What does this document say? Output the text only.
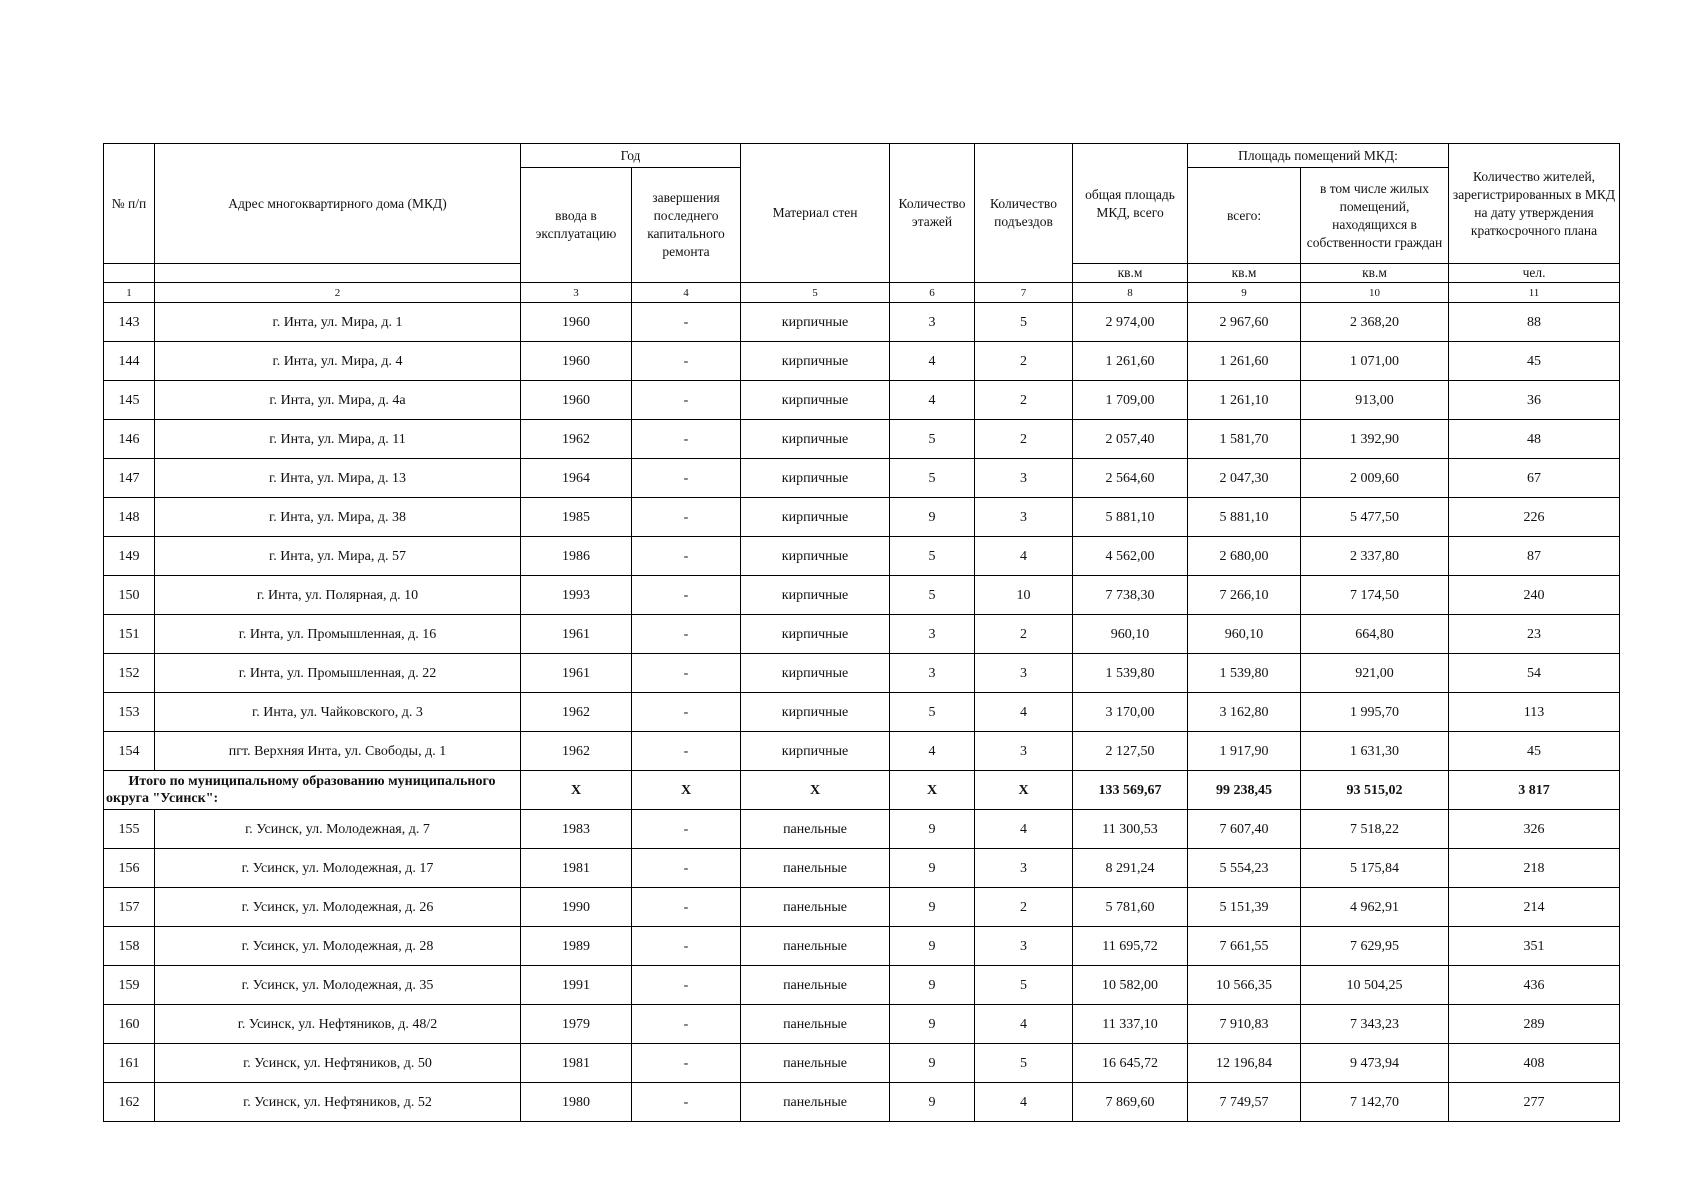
№ п/п	Адрес многоквартирного дома (МКД)	Год		Материал стен	Количество этажей	Количество подъездов	общая площадь МКД, всего	Площадь помещений МКД:		Количество жителей, зарегистрированных в МКД на дату утверждения краткосрочного плана
		ввода в эксплуатацию	завершения последнего капитального ремонта					всего:	в том числе жилых помещений, находящихся в собственности граждан	
							кв.м	кв.м	кв.м	чел.
1	2	3	4	5	6	7	8	9	10	11
143	г. Инта, ул. Мира, д. 1	1960	-	кирпичные	3	5	2 974,00	2 967,60	2 368,20	88
144	г. Инта, ул. Мира, д. 4	1960	-	кирпичные	4	2	1 261,60	1 261,60	1 071,00	45
145	г. Инта, ул. Мира, д. 4а	1960	-	кирпичные	4	2	1 709,00	1 261,10	913,00	36
146	г. Инта, ул. Мира, д. 11	1962	-	кирпичные	5	2	2 057,40	1 581,70	1 392,90	48
147	г. Инта, ул. Мира, д. 13	1964	-	кирпичные	5	3	2 564,60	2 047,30	2 009,60	67
148	г. Инта, ул. Мира, д. 38	1985	-	кирпичные	9	3	5 881,10	5 881,10	5 477,50	226
149	г. Инта, ул. Мира, д. 57	1986	-	кирпичные	5	4	4 562,00	2 680,00	2 337,80	87
150	г. Инта, ул. Полярная, д. 10	1993	-	кирпичные	5	10	7 738,30	7 266,10	7 174,50	240
151	г. Инта, ул. Промышленная, д. 16	1961	-	кирпичные	3	2	960,10	960,10	664,80	23
152	г. Инта, ул. Промышленная, д. 22	1961	-	кирпичные	3	3	1 539,80	1 539,80	921,00	54
153	г. Инта, ул. Чайковского, д. 3	1962	-	кирпичные	5	4	3 170,00	3 162,80	1 995,70	113
154	пгт. Верхняя Инта, ул. Свободы, д. 1	1962	-	кирпичные	4	3	2 127,50	1 917,90	1 631,30	45
Итого по муниципальному образованию муниципального округа "Усинск":		X	X	X	X	X	133 569,67	99 238,45	93 515,02	3 817
155	г. Усинск, ул. Молодежная, д. 7	1983	-	панельные	9	4	11 300,53	7 607,40	7 518,22	326
156	г. Усинск, ул. Молодежная, д. 17	1981	-	панельные	9	3	8 291,24	5 554,23	5 175,84	218
157	г. Усинск, ул. Молодежная, д. 26	1990	-	панельные	9	2	5 781,60	5 151,39	4 962,91	214
158	г. Усинск, ул. Молодежная, д. 28	1989	-	панельные	9	3	11 695,72	7 661,55	7 629,95	351
159	г. Усинск, ул. Молодежная, д. 35	1991	-	панельные	9	5	10 582,00	10 566,35	10 504,25	436
160	г. Усинск, ул. Нефтяников, д. 48/2	1979	-	панельные	9	4	11 337,10	7 910,83	7 343,23	289
161	г. Усинск, ул. Нефтяников, д. 50	1981	-	панельные	9	5	16 645,72	12 196,84	9 473,94	408
162	г. Усинск, ул. Нефтяников, д. 52	1980	-	панельные	9	4	7 869,60	7 749,57	7 142,70	277
